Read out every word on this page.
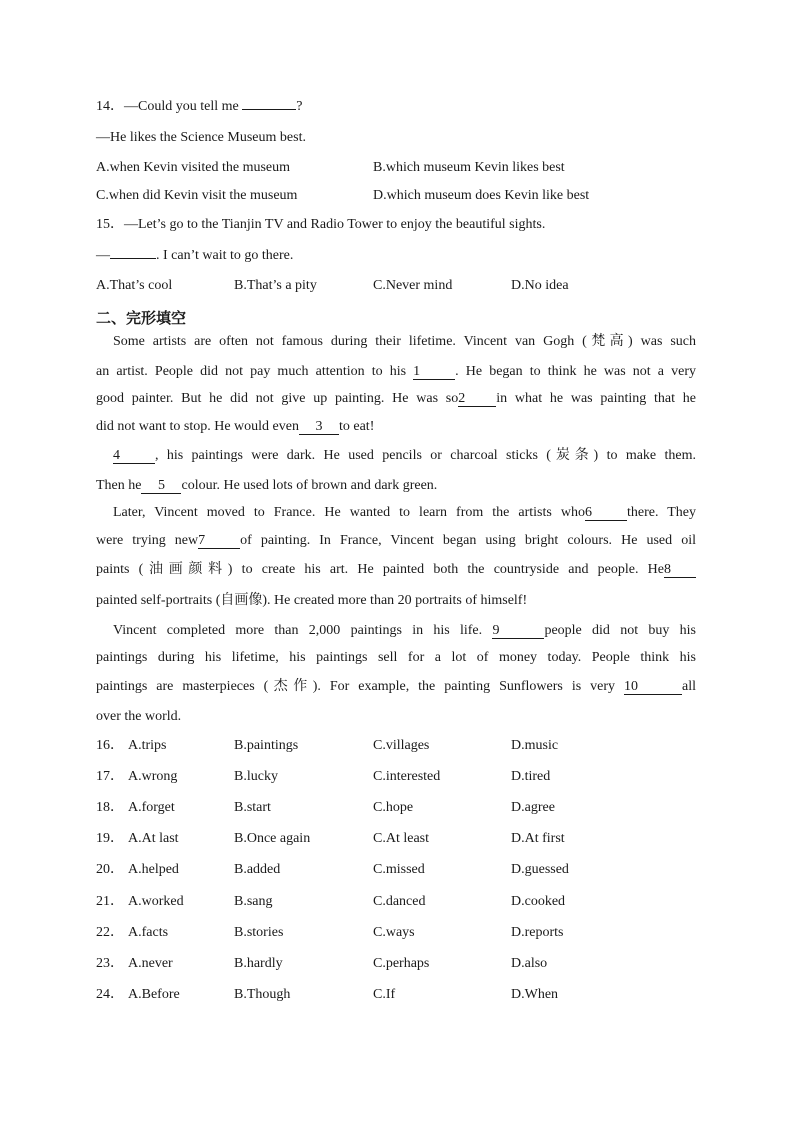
14．—Could you tell me	?
—He likes the Science Museum best.
A.when Kevin visited the museum	B.which museum Kevin likes best
C.when did Kevin visit the museum	D.which museum does Kevin like best
15．—Let’s go to the Tianjin TV and Radio Tower to enjoy the beautiful sights.
—	. I can’t wait to go there.
A.That’s cool	B.That’s a pity	C.Never mind	D.No idea
二、完形填空
Some artists are often not famous during their lifetime. Vincent van Gogh (梵高) was such
an artist. People did not pay much attention to his 1	. He began to think he was not a very
good painter. But he did not give up painting. He was so2 in what he was painting that he
did not want to stop. He would even 3 to eat!
4	, his paintings were dark. He used pencils or charcoal sticks (炭条) to make them.
Then he 5 colour. He used lots of brown and dark green.
Later, Vincent moved to France. He wanted to learn from the artists who6	there. They
were trying new7	of painting. In France, Vincent began using bright colours. He used oil
paints (油画颜料) to create his art. He painted both the countryside and people. He8
painted self-portraits (自画像). He created more than 20 portraits of himself!
Vincent completed more than 2,000 paintings in his life. 9	people did not buy his
paintings during his lifetime, his paintings sell for a lot of money today. People think his
paintings are masterpieces (杰作). For example, the painting Sunflowers is very 10	all
over the world.
16． A.trips	B.paintings	C.villages	D.music
17． A.wrong	B.lucky	C.interested	D.tired
18． A.forget	B.start	C.hope	D.agree
19． A.At last	B.Once again	C.At least	D.At first
20． A.helped	B.added	C.missed	D.guessed
21． A.worked	B.sang	C.danced	D.cooked
22． A.facts	B.stories	C.ways	D.reports
23． A.never	B.hardly	C.perhaps	D.also
24． A.Before	B.Though	C.If	D.When
